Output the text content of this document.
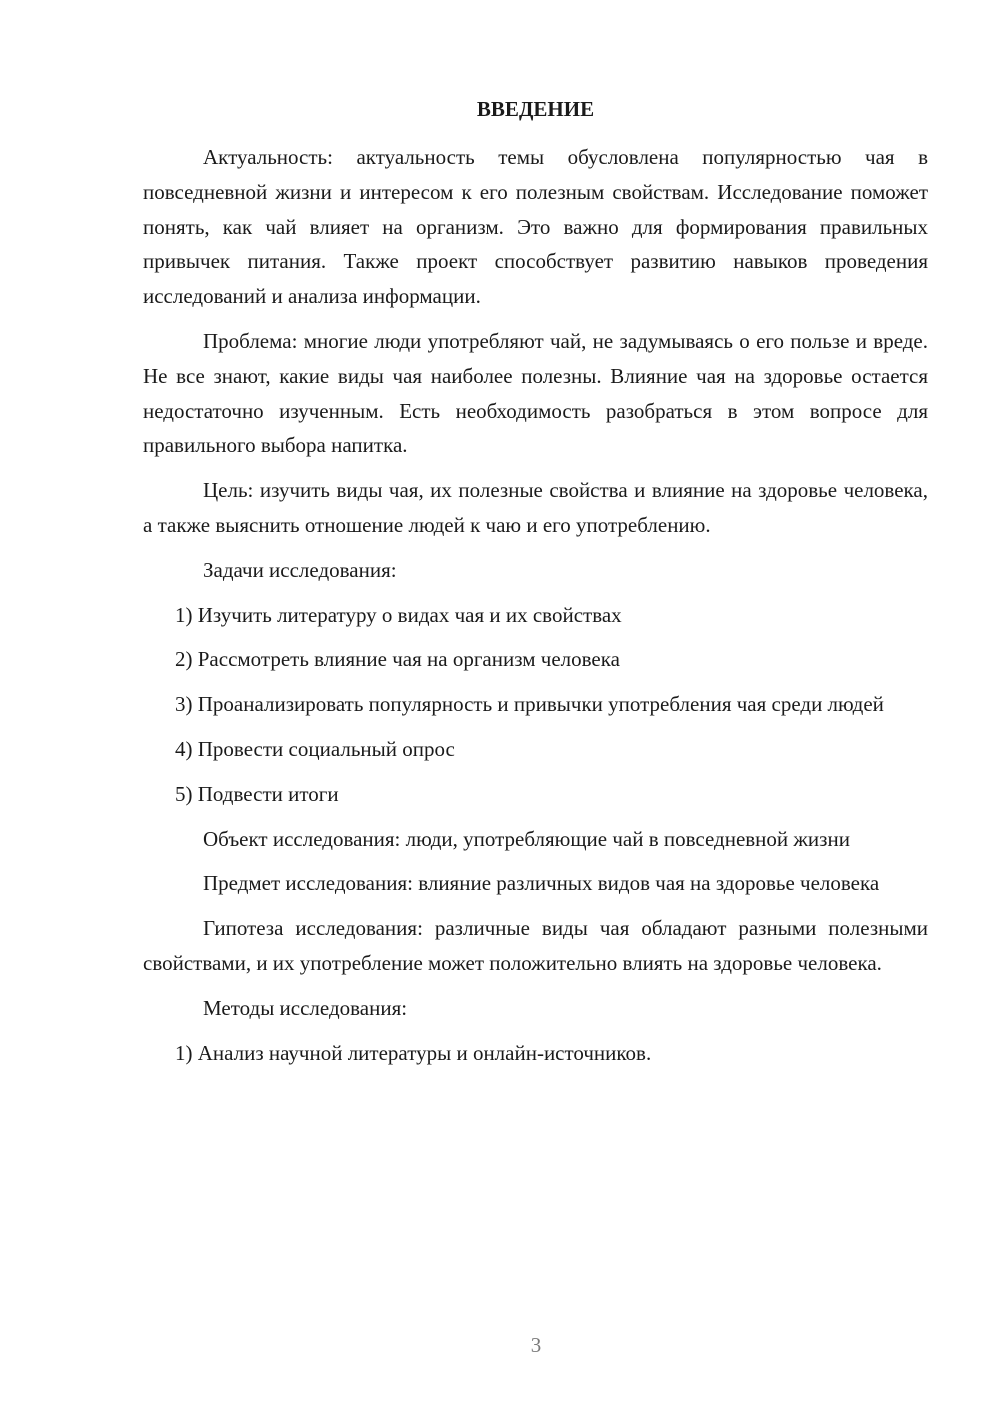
ВВЕДЕНИЕ

Актуальность: актуальность темы обусловлена популярностью чая в повседневной жизни и интересом к его полезным свойствам. Исследование поможет понять, как чай влияет на организм. Это важно для формирования правильных привычек питания. Также проект способствует развитию навыков проведения исследований и анализа информации.

Проблема: многие люди употребляют чай, не задумываясь о его пользе и вреде. Не все знают, какие виды чая наиболее полезны. Влияние чая на здоровье остается недостаточно изученным. Есть необходимость разобраться в этом вопросе для правильного выбора напитка.

Цель: изучить виды чая, их полезные свойства и влияние на здоровье человека, а также выяснить отношение людей к чаю и его употреблению.

Задачи исследования:

1) Изучить литературу о видах чая и их свойствах

2) Рассмотреть влияние чая на организм человека

3) Проанализировать популярность и привычки употребления чая среди людей

4) Провести социальный опрос

5) Подвести итоги

Объект исследования: люди, употребляющие чай в повседневной жизни

Предмет исследования: влияние различных видов чая на здоровье человека

Гипотеза исследования: различные виды чая обладают разными полезными свойствами, и их употребление может положительно влиять на здоровье человека.

Методы исследования:

1) Анализ научной литературы и онлайн-источников.

3
